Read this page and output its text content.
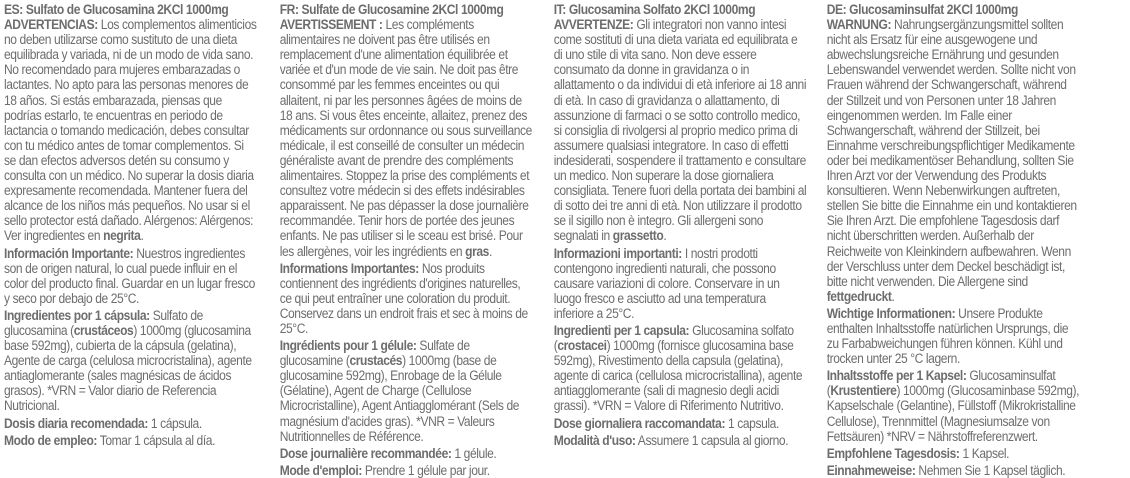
ES: Sulfato de Glucosamina 2KCl 1000mg

ADVERTENCIAS: Los complementos alimenticios no deben utilizarse como sustituto de una dieta equilibrada y variada, ni de un modo de vida sano. No recomendado para mujeres embarazadas o lactantes. No apto para las personas menores de 18 años. Si estás embarazada, piensas que podrías estarlo, te encuentras en periodo de lactancia o tomando medicación, debes consultar con tu médico antes de tomar complementos. Si se dan efectos adversos detén su consumo y consulta con un médico. No superar la dosis diaria expresamente recomendada. Mantener fuera del alcance de los niños más pequeños. No usar si el sello protector está dañado. Alérgenos: Alérgenos: Ver ingredientes en negrita.

Información Importante: Nuestros ingredientes son de origen natural, lo cual puede influir en el color del producto final. Guardar en un lugar fresco y seco por debajo de 25°C.

Ingredientes por 1 cápsula: Sulfato de glucosamina (crustáceos) 1000mg (glucosamina base 592mg), cubierta de la cápsula (gelatina), Agente de carga (celulosa microcristalina), agente antiaglomerante (sales magnésicas de ácidos grasos). *VRN = Valor diario de Referencia Nutricional.

Dosis diaria recomendada: 1 cápsula.

Modo de empleo: Tomar 1 cápsula al día.

FR: Sulfate de Glucosamine 2KCl 1000mg

AVERTISSEMENT : Les compléments alimentaires ne doivent pas être utilisés en remplacement d'une alimentation équilibrée et variée et d'un mode de vie sain. Ne doit pas être consommé par les femmes enceintes ou qui allaitent, ni par les personnes âgées de moins de 18 ans. Si vous êtes enceinte, allaitez, prenez des médicaments sur ordonnance ou sous surveillance médicale, il est conseillé de consulter un médecin généraliste avant de prendre des compléments alimentaires. Stoppez la prise des compléments et consultez votre médecin si des effets indésirables apparaissent. Ne pas dépasser la dose journalière recommandée. Tenir hors de portée des jeunes enfants. Ne pas utiliser si le sceau est brisé. Pour les allergènes, voir les ingrédients en gras.

Informations Importantes: Nos produits contiennent des ingrédients d'origines naturelles, ce qui peut entraîner une coloration du produit. Conservez dans un endroit frais et sec à moins de 25°C.

Ingrédients pour 1 gélule: Sulfate de glucosamine (crustacés) 1000mg (base de glucosamine 592mg), Enrobage de la Gélule (Gélatine), Agent de Charge (Cellulose Microcristalline), Agent Antiagglomérant (Sels de magnésium d'acides gras). *VNR = Valeurs Nutritionnelles de Référence.

Dose journalière recommandée: 1 gélule.

Mode d'emploi: Prendre 1 gélule par jour.

IT: Glucosamina Solfato 2KCl 1000mg

AVVERTENZE: Gli integratori non vanno intesi come sostituti di una dieta variata ed equilibrata e di uno stile di vita sano. Non deve essere consumato da donne in gravidanza o in allattamento o da individui di età inferiore ai 18 anni di età. In caso di gravidanza o allattamento, di assunzione di farmaci o se sotto controllo medico, si consiglia di rivolgersi al proprio medico prima di assumere qualsiasi integratore. In caso di effetti indesiderati, sospendere il trattamento e consultare un medico. Non superare la dose giornaliera consigliata. Tenere fuori della portata dei bambini al di sotto dei tre anni di età. Non utilizzare il prodotto se il sigillo non è integro. Gli allergeni sono segnalati in grassetto.

Informazioni importanti: I nostri prodotti contengono ingredienti naturali, che possono causare variazioni di colore. Conservare in un luogo fresco e asciutto ad una temperatura inferiore a 25°C.

Ingredienti per 1 capsula: Glucosamina solfato (crostacei) 1000mg (fornisce glucosamina base 592mg), Rivestimento della capsula (gelatina), agente di carica (cellulosa microcristallina), agente antiagglomerante (sali di magnesio degli acidi grassi). *VRN = Valore di Riferimento Nutritivo.

Dose giornaliera raccomandata: 1 capsula.

Modalità d'uso: Assumere 1 capsula al giorno.

DE: Glucosaminsulfat 2KCl 1000mg

WARNUNG: Nahrungsergänzungsmittel sollten nicht als Ersatz für eine ausgewogene und abwechslungsreiche Ernährung und gesunden Lebenswandel verwendet werden. Sollte nicht von Frauen während der Schwangerschaft, während der Stillzeit und von Personen unter 18 Jahren eingenommen werden. Im Falle einer Schwangerschaft, während der Stillzeit, bei Einnahme verschreibungspflichtiger Medikamente oder bei medikamentöser Behandlung, sollten Sie Ihren Arzt vor der Verwendung des Produkts konsultieren. Wenn Nebenwirkungen auftreten, stellen Sie bitte die Einnahme ein und kontaktieren Sie Ihren Arzt. Die empfohlene Tagesdosis darf nicht überschritten werden. Außerhalb der Reichweite von Kleinkindern aufbewahren. Wenn der Verschluss unter dem Deckel beschädigt ist, bitte nicht verwenden. Die Allergene sind fettgedruckt.

Wichtige Informationen: Unsere Produkte enthalten Inhaltsstoffe natürlichen Ursprungs, die zu Farbabweichungen führen können. Kühl und trocken unter 25 °C lagern.

Inhaltsstoffe per 1 Kapsel: Glucosaminsulfat (Krustentiere) 1000mg (Glucosaminbase 592mg), Kapselschale (Gelantine), Füllstoff (Mikrokristalline Cellulose), Trennmittel (Magnesiumsalze von Fettsäuren) *NRV = Nährstoffreferenzwert.

Empfohlene Tagesdosis: 1 Kapsel.

Einnahmeweise: Nehmen Sie 1 Kapsel täglich.
